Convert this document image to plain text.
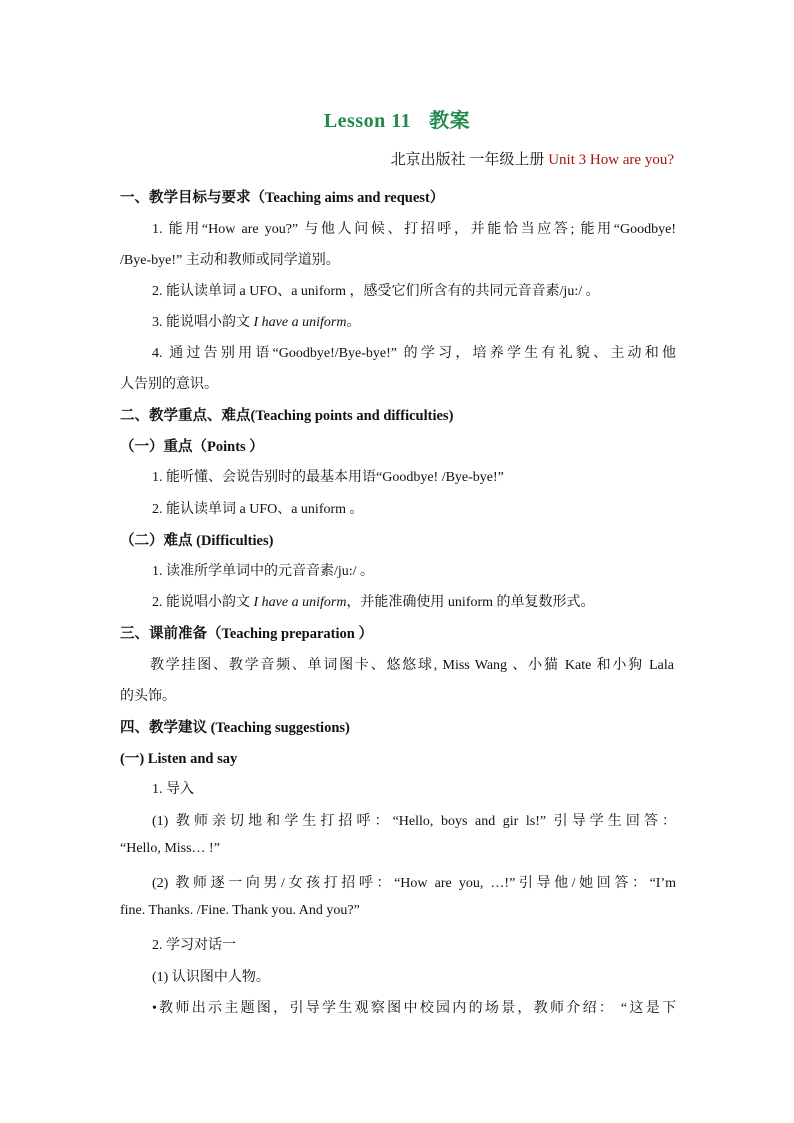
Lesson 11 教案
北京出版社 一年级上册 Unit 3 How are you?
一、教学目标与要求（Teaching aims and request）
1. 能用“How are you?” 与他人问候、打招呼，并能恰当应答; 能用“Goodbye!
/Bye-bye!” 主动和教师或同学道别。
2. 能认读单词 a UFO、a uniform ，感受它们所含有的共同元音音素/ju:/ 。
3. 能说唱小韵文 I have a uniform。
4. 通过告别用语“Goodbye!/Bye-bye!” 的学习，培养学生有礼貌、主动和他
人告别的意识。
二、教学重点、难点(Teaching points and difficulties)
（一）重点（Points ）
1. 能听懂、会说告别时的最基本用语“Goodbye! /Bye-bye!”
2. 能认读单词 a UFO、a uniform 。
（二）难点 (Difficulties)
1. 读准所学单词中的元音音素/ju:/ 。
2. 能说唱小韵文 I have a uniform，并能准确使用 uniform 的单复数形式。
三、课前准备（Teaching preparation ）
教学挂图、教学音频、单词图卡、悠悠球, Miss Wang 、小猫 Kate 和小狗 Lala
的头饰。
四、教学建议 (Teaching suggestions)
(一) Listen and say
1. 导入
(1) 教师亲切地和学生打招呼：“Hello, boys and gir ls!” 引导学生回答：
“Hello, Miss… !”
(2) 教师逐一向男/女孩打招呼：“How are you, …!”引导他/她回答：“I’m
fine. Thanks. /Fine. Thank you. And you?”
2. 学习对话一
(1) 认识图中人物。
•教师出示主题图，引导学生观察图中校园内的场景，教师介绍： “这是下
